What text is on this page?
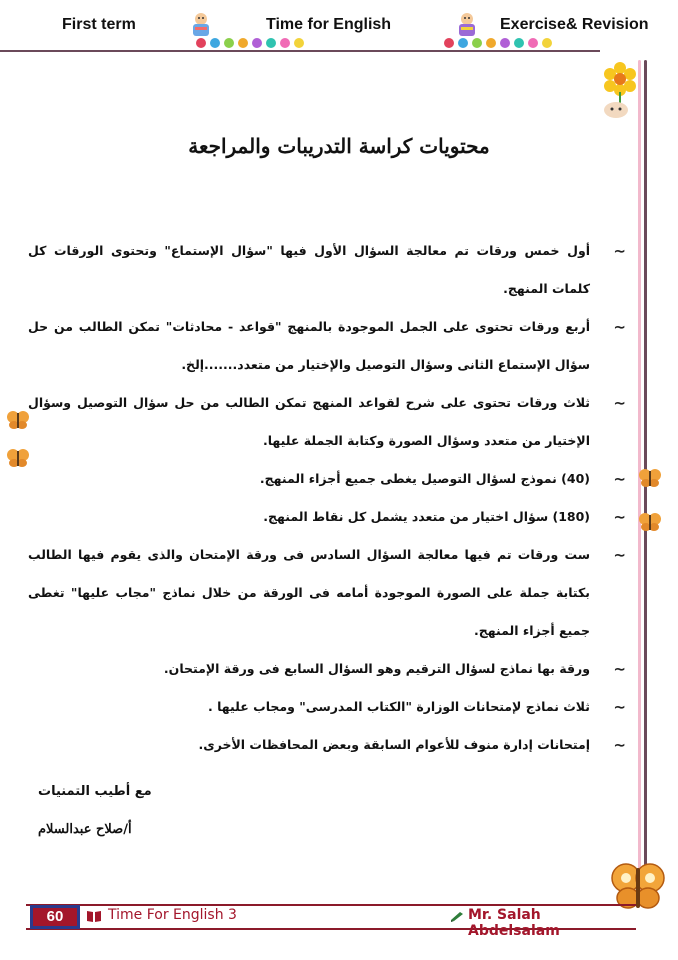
First term	Time for English	Exercise& Revision
محتويات كراسة التدريبات والمراجعة
∽
أول خمس ورقات تم معالجة السؤال الأول فيها "سؤال الإستماع" وتحتوى الورقات كل كلمات المنهج.
∽
أربع ورقات تحتوى على الجمل الموجودة بالمنهج "قواعد - محادثات" تمكن الطالب من حل سؤال الإستماع الثانى وسؤال التوصيل والإختيار من متعدد.......إلخ.
∽
ثلاث ورقات تحتوى على شرح لقواعد المنهج تمكن الطالب من حل سؤال التوصيل وسؤال الإختيار من متعدد وسؤال الصورة وكتابة الجملة عليها.
∽
(40) نموذج لسؤال التوصيل يغطى جميع أجزاء المنهج.
∽
(180) سؤال اختيار من متعدد يشمل كل نقاط المنهج.
∽
ست ورقات تم فيها معالجة السؤال السادس فى ورقة الإمتحان والذى يقوم فيها الطالب بكتابة جملة على الصورة الموجودة أمامه فى الورقة من خلال نماذج "مجاب عليها" تغطى جميع أجزاء المنهج.
∽
ورقة بها نماذج لسؤال الترقيم وهو السؤال السابع فى ورقة الإمتحان.
∽
ثلاث نماذج لإمتحانات الوزارة "الكتاب المدرسى" ومجاب عليها .
∽
إمتحانات إدارة منوف للأعوام السابقة وبعض المحافظات الأخرى.
مع أطيب التمنيات
أ/صلاح عبدالسلام
60	Time For English 3	Mr. Salah Abdelsalam
